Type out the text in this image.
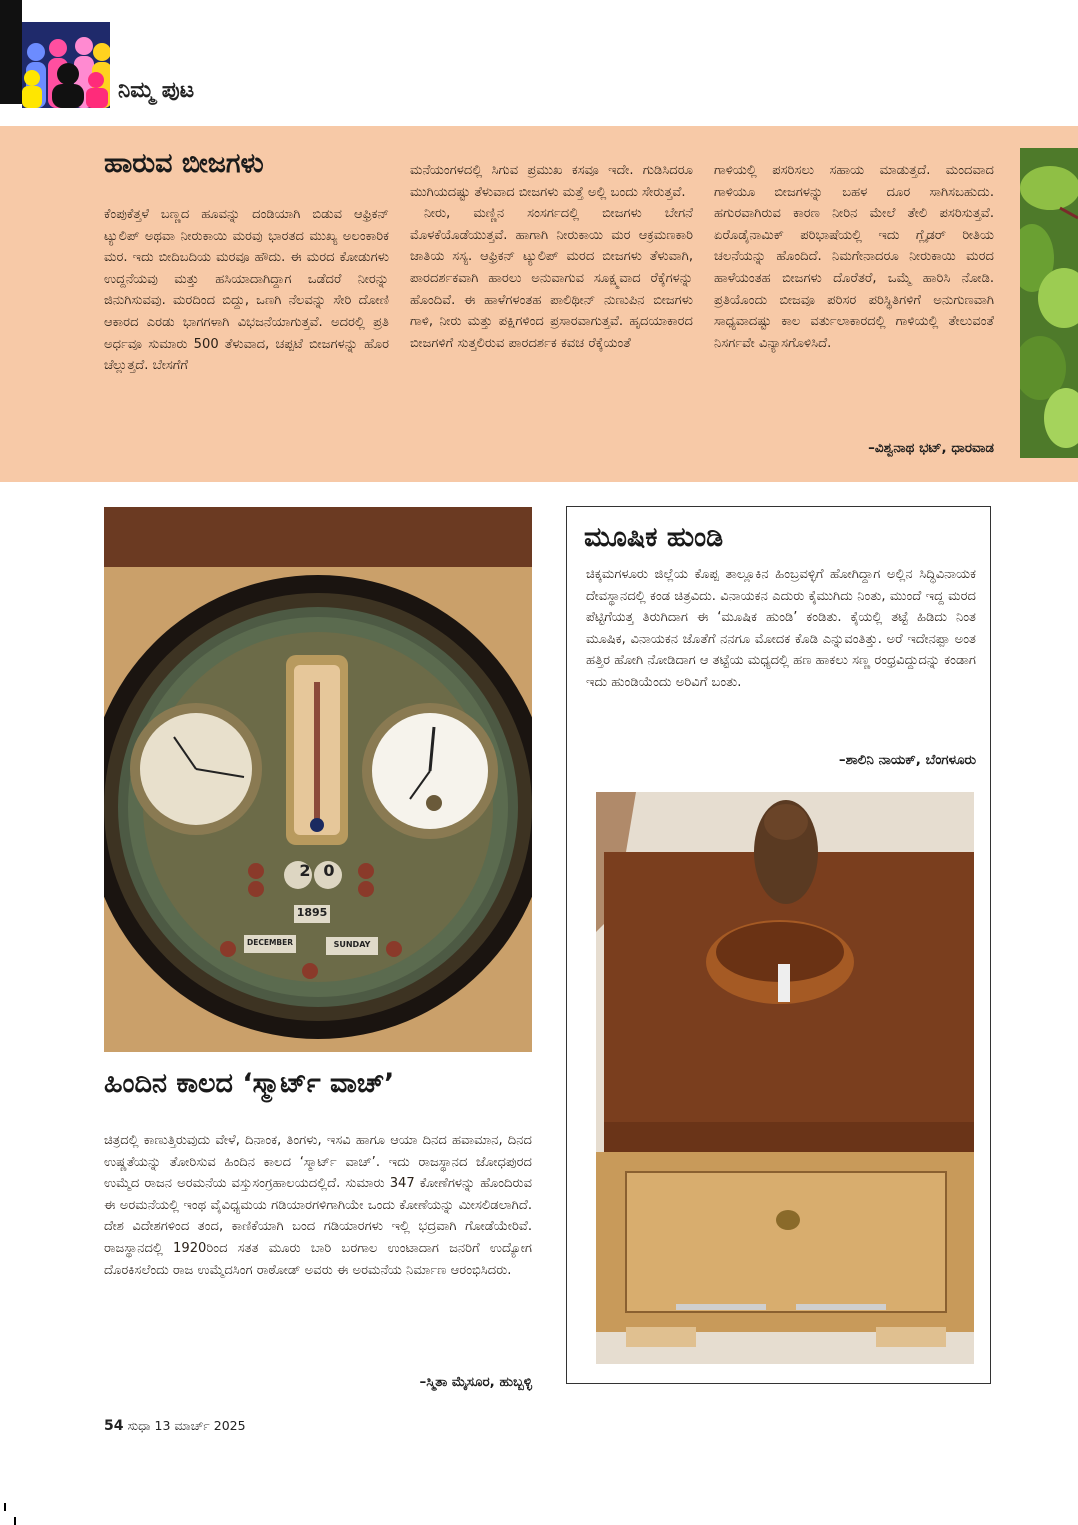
ನಿಮ್ಮ ಪುಟ
ಹಾರುವ ಬೀಜಗಳು

ಕೆಂಪುಕೆತ್ತಳೆ ಬಣ್ಣದ ಹೂವನ್ನು ದಂಡಿಯಾಗಿ ಬಿಡುವ ಆಫ್ರಿಕನ್ ಟ್ಯುಲಿಪ್ ಅಥವಾ ನೀರುಕಾಯಿ ಮರವು ಭಾರತದ ಮುಖ್ಯ ಅಲಂಕಾರಿಕ ಮರ. ಇದು ಬೀದಿಬದಿಯ ಮರವೂ ಹೌದು. ಈ ಮರದ ಕೋಡುಗಳು ಉದ್ದನೆಯವು ಮತ್ತು ಹಸಿಯಾದಾಗಿದ್ದಾಗ ಒಡೆದರೆ ನೀರನ್ನು ಜಿನುಗಿಸುವವು. ಮರದಿಂದ ಬಿದ್ದು, ಒಣಗಿ ನೆಲವನ್ನು ಸೇರಿ ದೋಣಿ ಆಕಾರದ ಎರಡು ಭಾಗಗಳಾಗಿ ವಿಭಜನೆಯಾಗುತ್ತವೆ. ಅದರಲ್ಲಿ ಪ್ರತಿ ಅರ್ಧವೂ ಸುಮಾರು 500 ತೆಳುವಾದ, ಚಪ್ಪಟೆ ಬೀಜಗಳನ್ನು ಹೊರ ಚೆಲ್ಲುತ್ತದೆ. ಬೇಸಗೆಗೆ

ಮನೆಯಂಗಳದಲ್ಲಿ ಸಿಗುವ ಪ್ರಮುಖ ಕಸವೂ ಇದೇ. ಗುಡಿಸಿದರೂ ಮುಗಿಯದಷ್ಟು ತೆಳುವಾದ ಬೀಜಗಳು ಮತ್ತೆ ಅಲ್ಲಿ ಬಂದು ಸೇರುತ್ತವೆ.

ನೀರು, ಮಣ್ಣಿನ ಸಂಸರ್ಗದಲ್ಲಿ ಬೀಜಗಳು ಬೇಗನೆ ಮೊಳಕೆಯೊಡೆಯುತ್ತವೆ. ಹಾಗಾಗಿ ನೀರುಕಾಯಿ ಮರ ಆಕ್ರಮಣಕಾರಿ ಜಾತಿಯ ಸಸ್ಯ. ಆಫ್ರಿಕನ್ ಟ್ಯುಲಿಪ್ ಮರದ ಬೀಜಗಳು ತೆಳುವಾಗಿ, ಪಾರದರ್ಶಕವಾಗಿ ಹಾರಲು ಅನುವಾಗುವ ಸೂಕ್ಷ್ಮವಾದ ರೆಕ್ಕೆಗಳನ್ನು ಹೊಂದಿವೆ. ಈ ಹಾಳೆಗಳಂತಹ ಪಾಲಿಥೀನ್ ನುಣುಪಿನ ಬೀಜಗಳು ಗಾಳಿ, ನೀರು ಮತ್ತು ಪಕ್ಷಿಗಳಿಂದ ಪ್ರಸಾರವಾಗುತ್ತವೆ. ಹೃದಯಾಕಾರದ ಬೀಜಗಳಿಗೆ ಸುತ್ತಲಿರುವ ಪಾರದರ್ಶಕ ಕವಚ ರೆಕ್ಕೆಯಂತೆ

ಗಾಳಿಯಲ್ಲಿ ಪಸರಿಸಲು ಸಹಾಯ ಮಾಡುತ್ತದೆ. ಮಂದವಾದ ಗಾಳಿಯೂ ಬೀಜಗಳನ್ನು ಬಹಳ ದೂರ ಸಾಗಿಸಬಹುದು. ಹಗುರವಾಗಿರುವ ಕಾರಣ ನೀರಿನ ಮೇಲೆ ತೇಲಿ ಪಸರಿಸುತ್ತವೆ. ಏರೊಡೈನಾಮಿಕ್ ಪರಿಭಾಷೆಯಲ್ಲಿ ಇದು ಗ್ಲೈಡರ್ ರೀತಿಯ ಚಲನೆಯನ್ನು ಹೊಂದಿದೆ. ನಿಮಗೇನಾದರೂ ನೀರುಕಾಯಿ ಮರದ ಹಾಳೆಯಂತಹ ಬೀಜಗಳು ದೊರೆತರೆ, ಒಮ್ಮೆ ಹಾರಿಸಿ ನೋಡಿ. ಪ್ರತಿಯೊಂದು ಬೀಜವೂ ಪರಿಸರ ಪರಿಸ್ಥಿತಿಗಳಿಗೆ ಅನುಗುಣವಾಗಿ ಸಾಧ್ಯವಾದಷ್ಟು ಕಾಲ ವರ್ತುಲಾಕಾರದಲ್ಲಿ ಗಾಳಿಯಲ್ಲಿ ತೇಲುವಂತೆ ನಿಸರ್ಗವೇ ವಿನ್ಯಾಸಗೊಳಿಸಿದೆ.

–ವಿಶ್ವನಾಥ ಭಟ್, ಧಾರವಾಡ
2 0
1895
DECEMBER	SUNDAY
ಹಿಂದಿನ ಕಾಲದ ‘ಸ್ಮಾರ್ಟ್ ವಾಚ್’

ಚಿತ್ರದಲ್ಲಿ ಕಾಣುತ್ತಿರುವುದು ವೇಳೆ, ದಿನಾಂಕ, ತಿಂಗಳು, ಇಸವಿ ಹಾಗೂ ಆಯಾ ದಿನದ ಹವಾಮಾನ, ದಿನದ ಉಷ್ಣತೆಯನ್ನು ತೋರಿಸುವ ಹಿಂದಿನ ಕಾಲದ ‘ಸ್ಮಾರ್ಟ್ ವಾಚ್’. ಇದು ರಾಜಸ್ಥಾನದ ಜೋಧಪುರದ ಉಮ್ಮೆದ ರಾಜನ ಅರಮನೆಯ ವಸ್ತುಸಂಗ್ರಹಾಲಯದಲ್ಲಿದೆ. ಸುಮಾರು 347 ಕೋಣೆಗಳನ್ನು ಹೊಂದಿರುವ ಈ ಅರಮನೆಯಲ್ಲಿ ಇಂಥ ವೈವಿಧ್ಯಮಯ ಗಡಿಯಾರಗಳಿಗಾಗಿಯೇ ಒಂದು ಕೋಣೆಯನ್ನು ಮೀಸಲಿಡಲಾಗಿದೆ. ದೇಶ ವಿದೇಶಗಳಿಂದ ತಂದ, ಕಾಣಿಕೆಯಾಗಿ ಬಂದ ಗಡಿಯಾರಗಳು ಇಲ್ಲಿ ಭದ್ರವಾಗಿ ಗೋಡೆಯೇರಿವೆ. ರಾಜಸ್ಥಾನದಲ್ಲಿ 1920ರಿಂದ ಸತತ ಮೂರು ಬಾರಿ ಬರಗಾಲ ಉಂಟಾದಾಗ ಜನರಿಗೆ ಉದ್ಯೋಗ ದೊರಕಿಸಲೆಂದು ರಾಜ ಉಮ್ಮೆದಸಿಂಗ ರಾಠೋಡ್ ಅವರು ಈ ಅರಮನೆಯ ನಿರ್ಮಾಣ ಆರಂಭಿಸಿದರು.

–ಸ್ಮಿತಾ ಮೈಸೂರ, ಹುಬ್ಬಳ್ಳಿ
ಮೂಷಿಕ ಹುಂಡಿ

ಚಿಕ್ಕಮಗಳೂರು ಜಿಲ್ಲೆಯ ಕೊಪ್ಪ ತಾಲ್ಲೂಕಿನ ಹಿಂಬ್ರವಳ್ಳಿಗೆ ಹೋಗಿದ್ದಾಗ ಅಲ್ಲಿನ ಸಿದ್ಧಿವಿನಾಯಕ ದೇವಸ್ಥಾನದಲ್ಲಿ ಕಂಡ ಚಿತ್ರವಿದು. ವಿನಾಯಕನ ಎದುರು ಕೈಮುಗಿದು ನಿಂತು, ಮುಂದೆ ಇದ್ದ ಮರದ ಪೆಟ್ಟಿಗೆಯತ್ತ ತಿರುಗಿದಾಗ ಈ ‘ಮೂಷಿಕ ಹುಂಡಿ’ ಕಂಡಿತು. ಕೈಯಲ್ಲಿ ತಟ್ಟೆ ಹಿಡಿದು ನಿಂತ ಮೂಷಿಕ, ವಿನಾಯಕನ ಜೊತೆಗೆ ನನಗೂ ಮೋದಕ ಕೊಡಿ ಎನ್ನುವಂತಿತ್ತು. ಅರೆ ಇದೇನಪ್ಪಾ ಅಂತ ಹತ್ತಿರ ಹೋಗಿ ನೋಡಿದಾಗ ಆ ತಟ್ಟೆಯ ಮಧ್ಯದಲ್ಲಿ ಹಣ ಹಾಕಲು ಸಣ್ಣ ರಂಧ್ರವಿದ್ದುದನ್ನು ಕಂಡಾಗ ಇದು ಹುಂಡಿಯೆಂದು ಅರಿವಿಗೆ ಬಂತು.

–ಶಾಲಿನಿ ನಾಯಕ್, ಬೆಂಗಳೂರು
54 ಸುಧಾ 13 ಮಾರ್ಚ್ 2025
